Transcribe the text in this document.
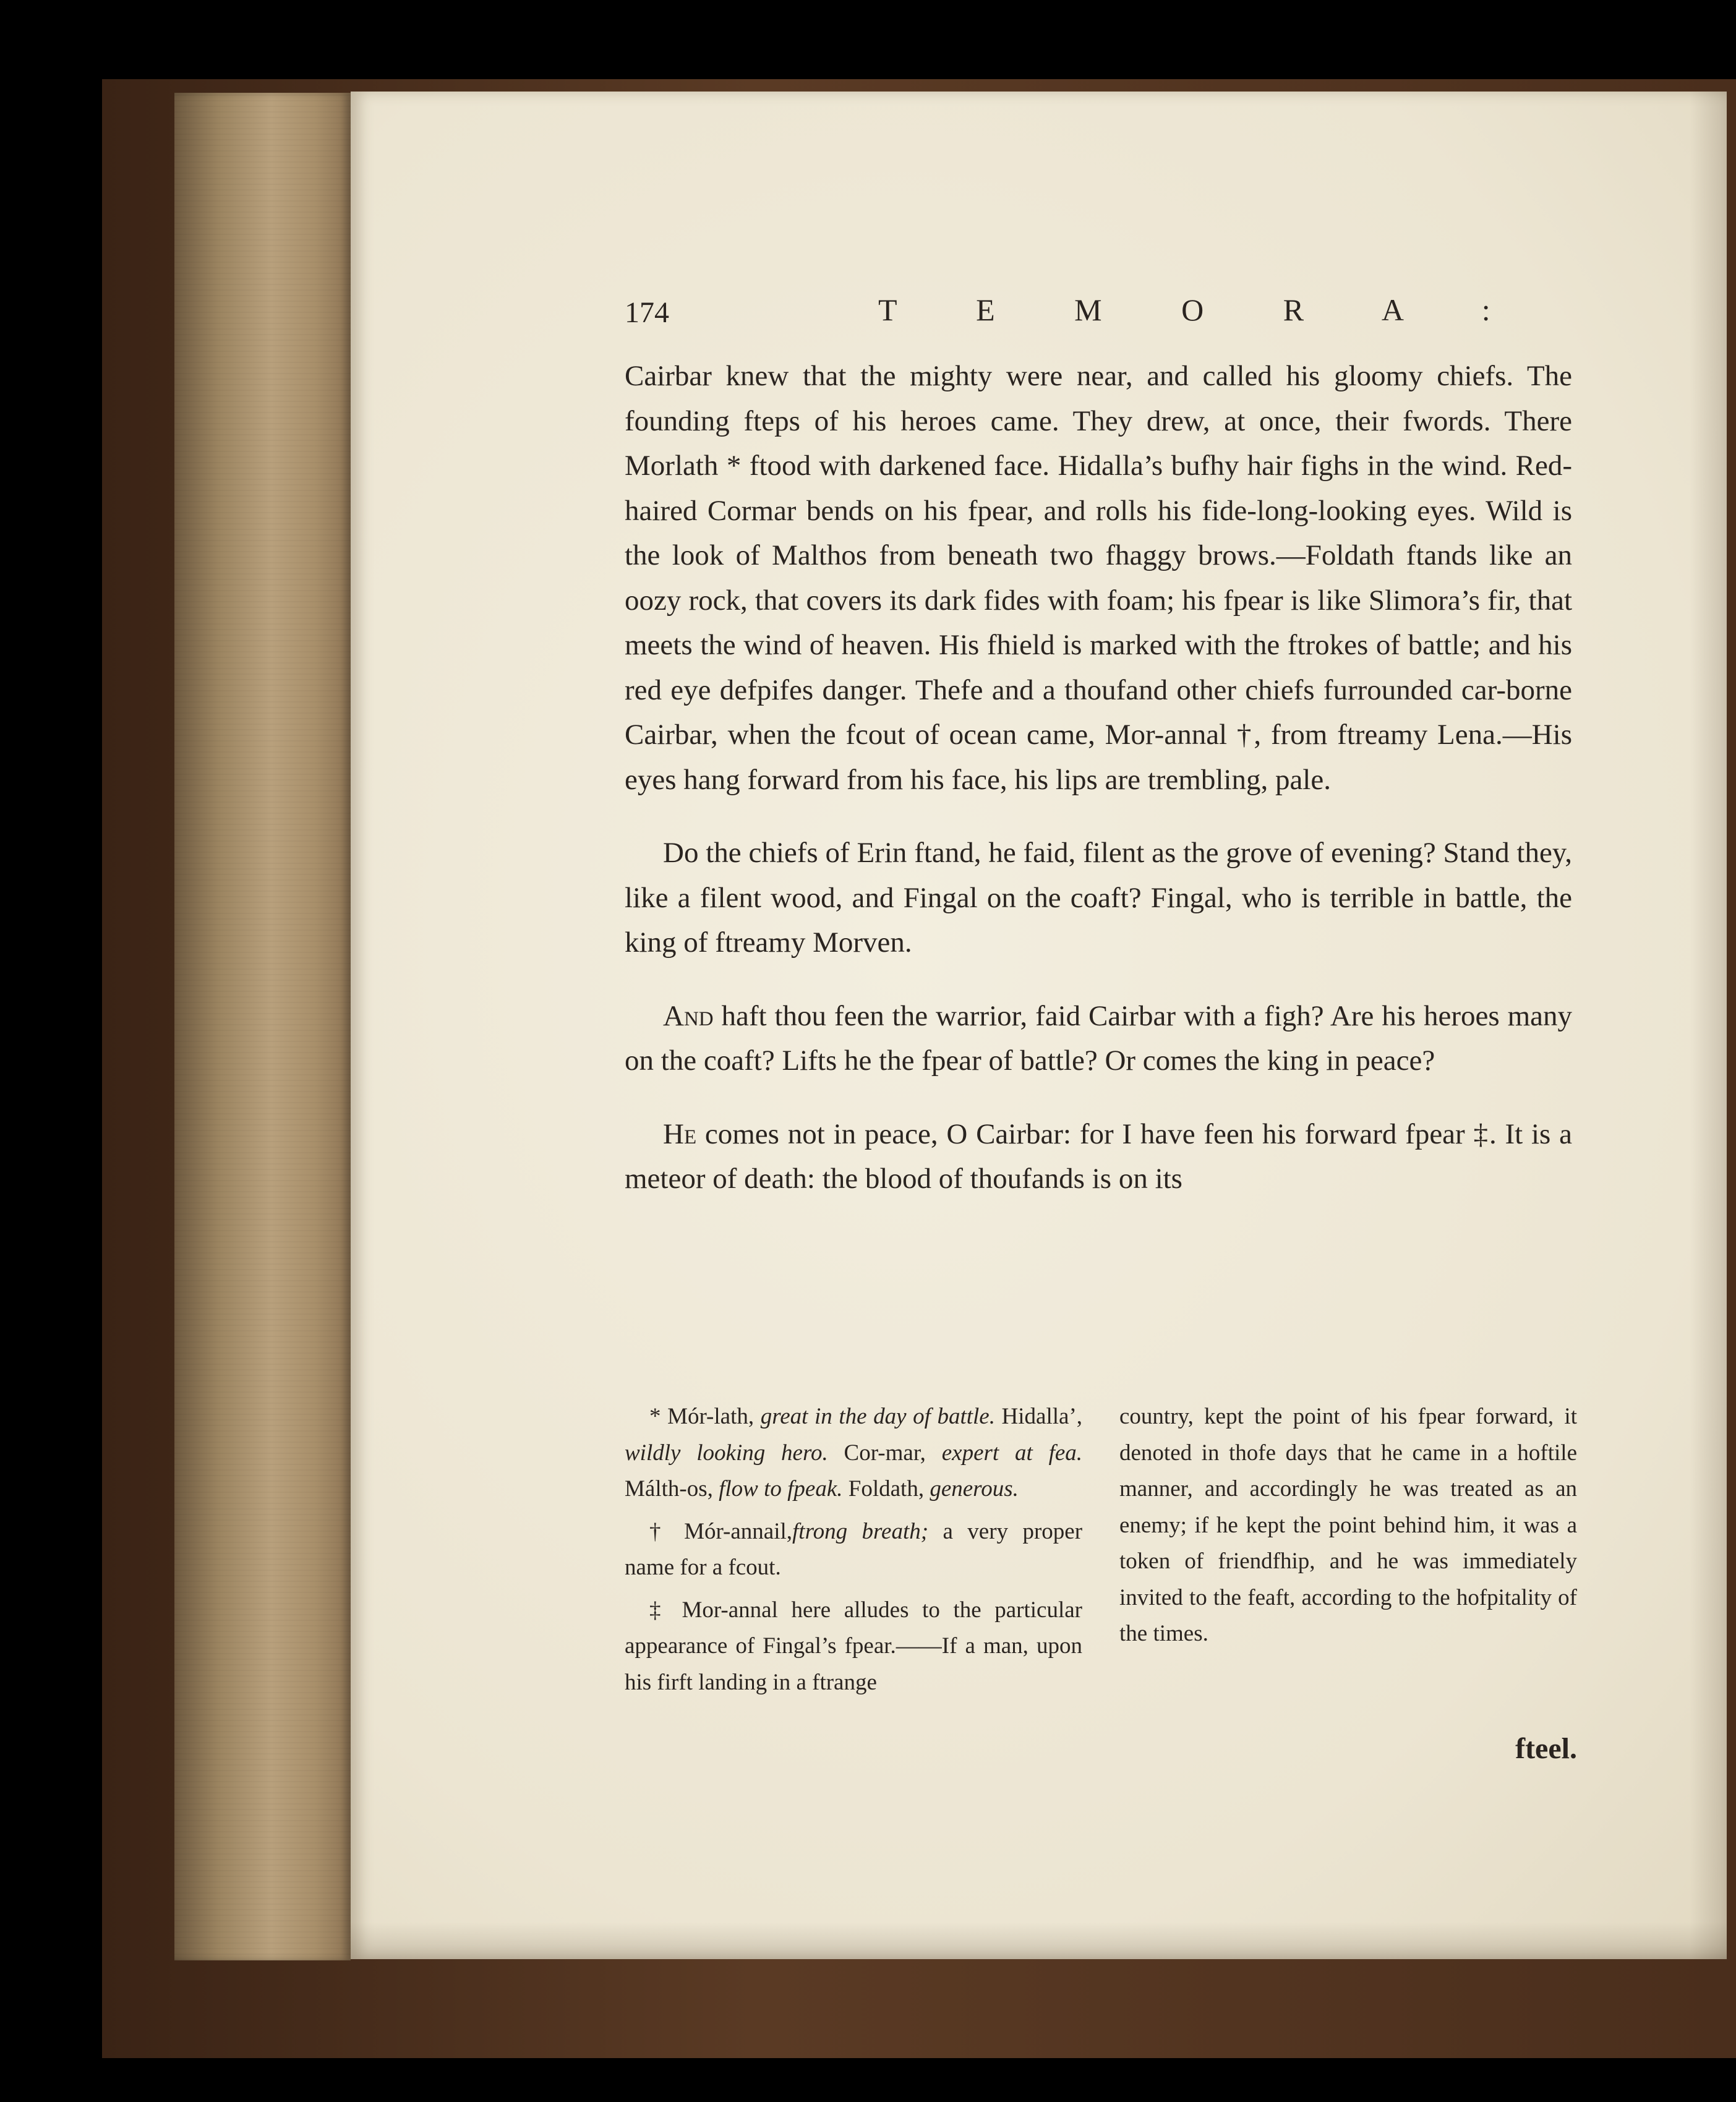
174	T E M O R A :

Cairbar knew that the mighty were near, and called his gloomy chiefs. The founding fteps of his heroes came. They drew, at once, their fwords. There Morlath * ftood with darkened face. Hidalla’s bufhy hair fighs in the wind. Red-haired Cormar bends on his fpear, and rolls his fide-long-looking eyes. Wild is the look of Malthos from beneath two fhaggy brows.—Foldath ftands like an oozy rock, that covers its dark fides with foam; his fpear is like Slimora’s fir, that meets the wind of heaven. His fhield is marked with the ftrokes of battle; and his red eye defpifes danger. Thefe and a thoufand other chiefs furrounded car-borne Cairbar, when the fcout of ocean came, Mor-annal †, from ftreamy Lena.—His eyes hang forward from his face, his lips are trembling, pale.

Do the chiefs of Erin ftand, he faid, filent as the grove of evening? Stand they, like a filent wood, and Fingal on the coaft? Fingal, who is terrible in battle, the king of ftreamy Morven.

And haft thou feen the warrior, faid Cairbar with a figh? Are his heroes many on the coaft? Lifts he the fpear of battle? Or comes the king in peace?

He comes not in peace, O Cairbar: for I have feen his forward fpear ‡. It is a meteor of death: the blood of thoufands is on its

* Mór-lath, great in the day of battle. Hidalla’, wildly looking hero. Cor-mar, expert at fea. Málth-os, flow to fpeak. Foldath, generous.

† Mór-annail,ftrong breath; a very proper name for a fcout.

‡ Mor-annal here alludes to the particular appearance of Fingal’s fpear.——If a man, upon his firft landing in a ftrange

country, kept the point of his fpear forward, it denoted in thofe days that he came in a hoftile manner, and accordingly he was treated as an enemy; if he kept the point behind him, it was a token of friendfhip, and he was immediately invited to the feaft, according to the hofpitality of the times.

fteel.
